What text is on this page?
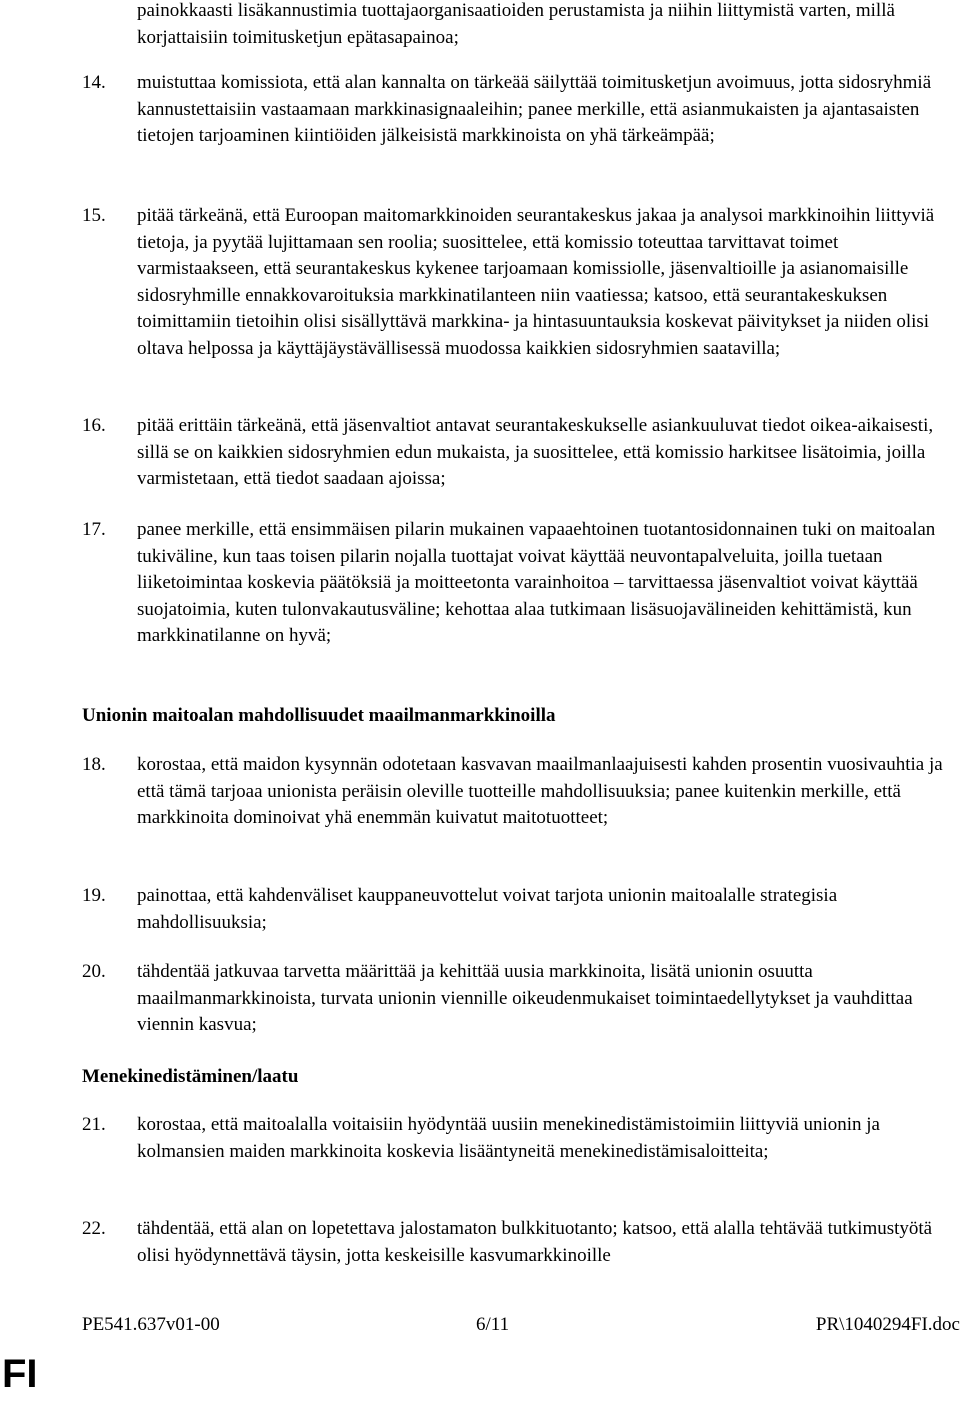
painokkaasti lisäkannustimia tuottajaorganisaatioiden perustamista ja niihin liittymistä varten, millä korjattaisiin toimitusketjun epätasapainoa;
14.	muistuttaa komissiota, että alan kannalta on tärkeää säilyttää toimitusketjun avoimuus, jotta sidosryhmiä kannustettaisiin vastaamaan markkinasignaaleihin; panee merkille, että asianmukaisten ja ajantasaisten tietojen tarjoaminen kiintiöiden jälkeisistä markkinoista on yhä tärkeämpää;
15.	pitää tärkeänä, että Euroopan maitomarkkinoiden seurantakeskus jakaa ja analysoi markkinoihin liittyviä tietoja, ja pyytää lujittamaan sen roolia; suosittelee, että komissio toteuttaa tarvittavat toimet varmistaakseen, että seurantakeskus kykenee tarjoamaan komissiolle, jäsenvaltioille ja asianomaisille sidosryhmille ennakkovaroituksia markkinatilanteen niin vaatiessa; katsoo, että seurantakeskuksen toimittamiin tietoihin olisi sisällyttävä markkina- ja hintasuuntauksia koskevat päivitykset ja niiden olisi oltava helpossa ja käyttäjäystävällisessä muodossa kaikkien sidosryhmien saatavilla;
16.	pitää erittäin tärkeänä, että jäsenvaltiot antavat seurantakeskukselle asiankuuluvat tiedot oikea-aikaisesti, sillä se on kaikkien sidosryhmien edun mukaista, ja suosittelee, että komissio harkitsee lisätoimia, joilla varmistetaan, että tiedot saadaan ajoissa;
17.	panee merkille, että ensimmäisen pilarin mukainen vapaaehtoinen tuotantosidonnainen tuki on maitoalan tukiväline, kun taas toisen pilarin nojalla tuottajat voivat käyttää neuvontapalveluita, joilla tuetaan liiketoimintaa koskevia päätöksiä ja moitteetonta varainhoitoa – tarvittaessa jäsenvaltiot voivat käyttää suojatoimia, kuten tulonvakautusväline; kehottaa alaa tutkimaan lisäsuojavälineiden kehittämistä, kun markkinatilanne on hyvä;
Unionin maitoalan mahdollisuudet maailmanmarkkinoilla
18.	korostaa, että maidon kysynnän odotetaan kasvavan maailmanlaajuisesti kahden prosentin vuosivauhtia ja että tämä tarjoaa unionista peräisin oleville tuotteille mahdollisuuksia; panee kuitenkin merkille, että markkinoita dominoivat yhä enemmän kuivatut maitotuotteet;
19.	painottaa, että kahdenväliset kauppaneuvottelut voivat tarjota unionin maitoalalle strategisia mahdollisuuksia;
20.	tähdentää jatkuvaa tarvetta määrittää ja kehittää uusia markkinoita, lisätä unionin osuutta maailmanmarkkinoista, turvata unionin viennille oikeudenmukaiset toimintaedellytykset ja vauhdittaa viennin kasvua;
Menekinedistäminen/laatu
21.	korostaa, että maitoalalla voitaisiin hyödyntää uusiin menekinedistämistoimiin liittyviä unionin ja kolmansien maiden markkinoita koskevia lisääntyneitä menekinedistämisaloitteita;
22.	tähdentää, että alan on lopetettava jalostamaton bulkkituotanto; katsoo, että alalla tehtävää tutkimustyötä olisi hyödynnettävä täysin, jotta keskeisille kasvumarkkinoille
PE541.637v01-00	6/11	PR\1040294FI.doc
FI
